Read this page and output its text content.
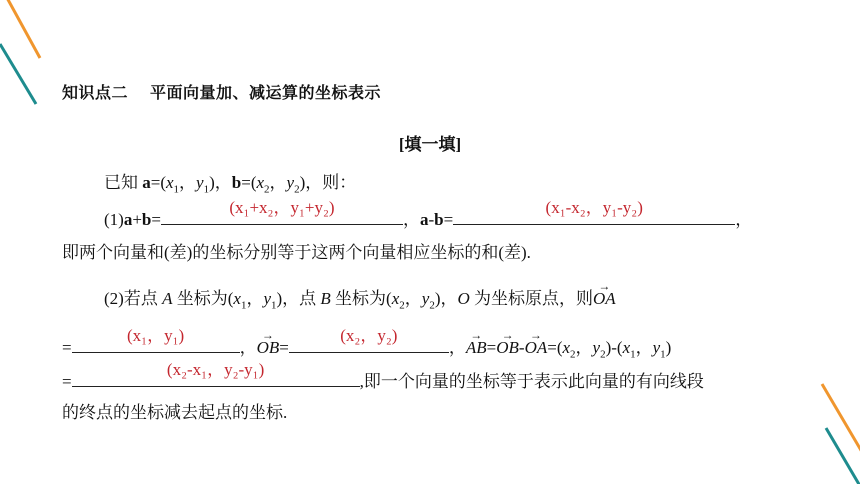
知识点二 平面向量加、减运算的坐标表示
[填一填]
已知 $a=(x_1$，$y_1$)，$b=(x_2$，$y_2$)，则：
(1)a+b=
(x₁+x₂，y₁+y₂)
，a-b=
(x₁-x₂，y₁-y₂)
，
即两个向量和(差)的坐标分别等于这两个向量相应坐标的和(差).
(2)若点 A 坐标为($x_1$，$y_1$)，点 B 坐标为($x_2$，$y_2$)，O 为坐标原点，则OA →
=
(x₁，y₁)
，OB →=
(x₂，y₂)
，AB $\to=OB \to-OA \to=(x_2$，$y_2)-(x_1$，$y_1$)
=
(x₂-x₁，y₂-y₁)
,即一个向量的坐标等于表示此向量的有向线段
的终点的坐标减去起点的坐标.
